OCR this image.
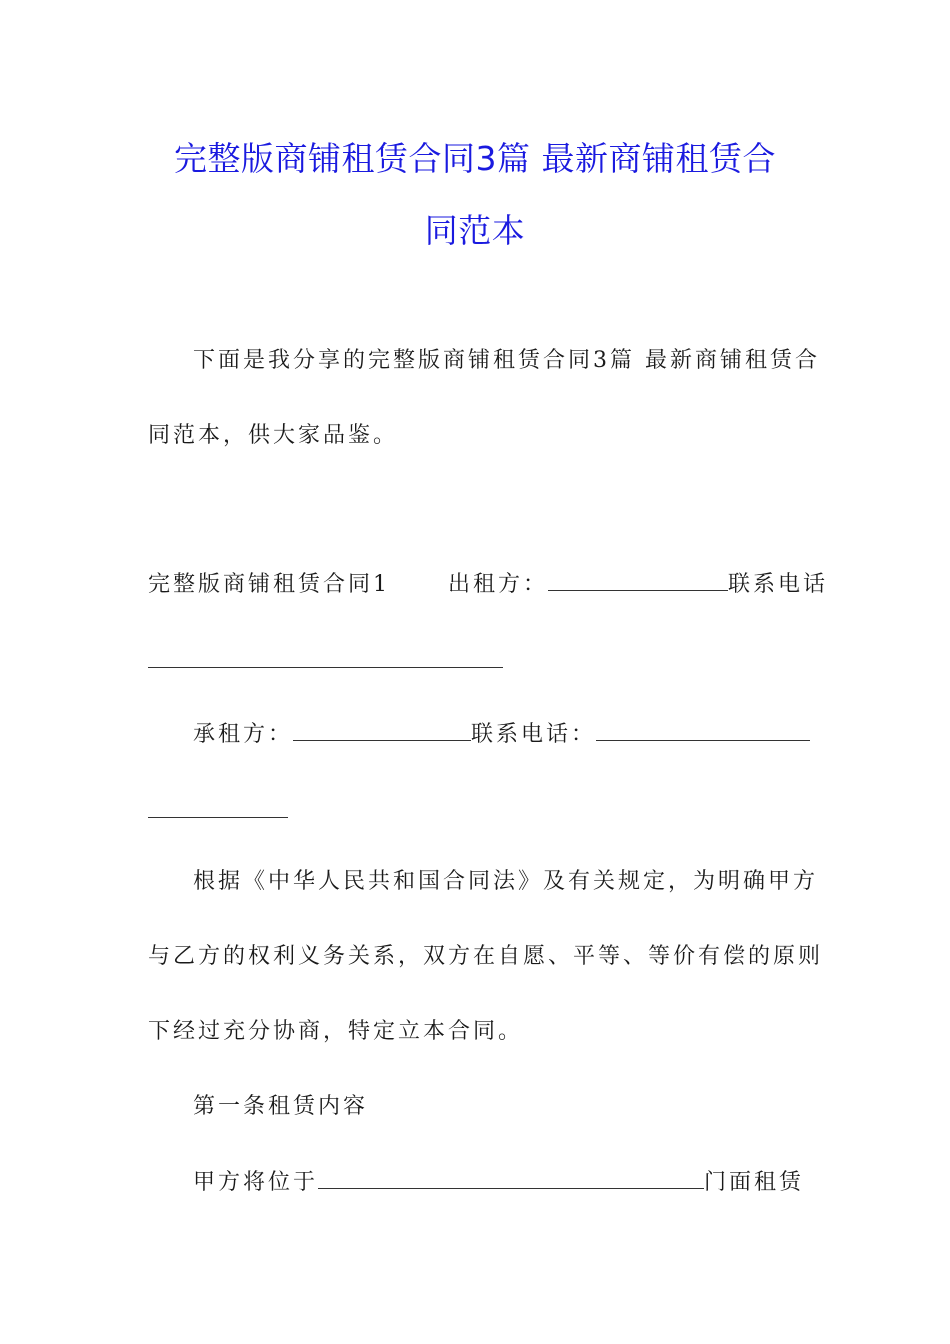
完整版商铺租赁合同3篇 最新商铺租赁合
同范本
下面是我分享的完整版商铺租赁合同3篇 最新商铺租赁合
同范本，供大家品鉴。
完整版商铺租赁合同1	出租方：	联系电话
承租方：	联系电话：
根据《中华人民共和国合同法》及有关规定，为明确甲方
与乙方的权利义务关系，双方在自愿、平等、等价有偿的原则
下经过充分协商，特定立本合同。
第一条租赁内容
甲方将位于	门面租赁
